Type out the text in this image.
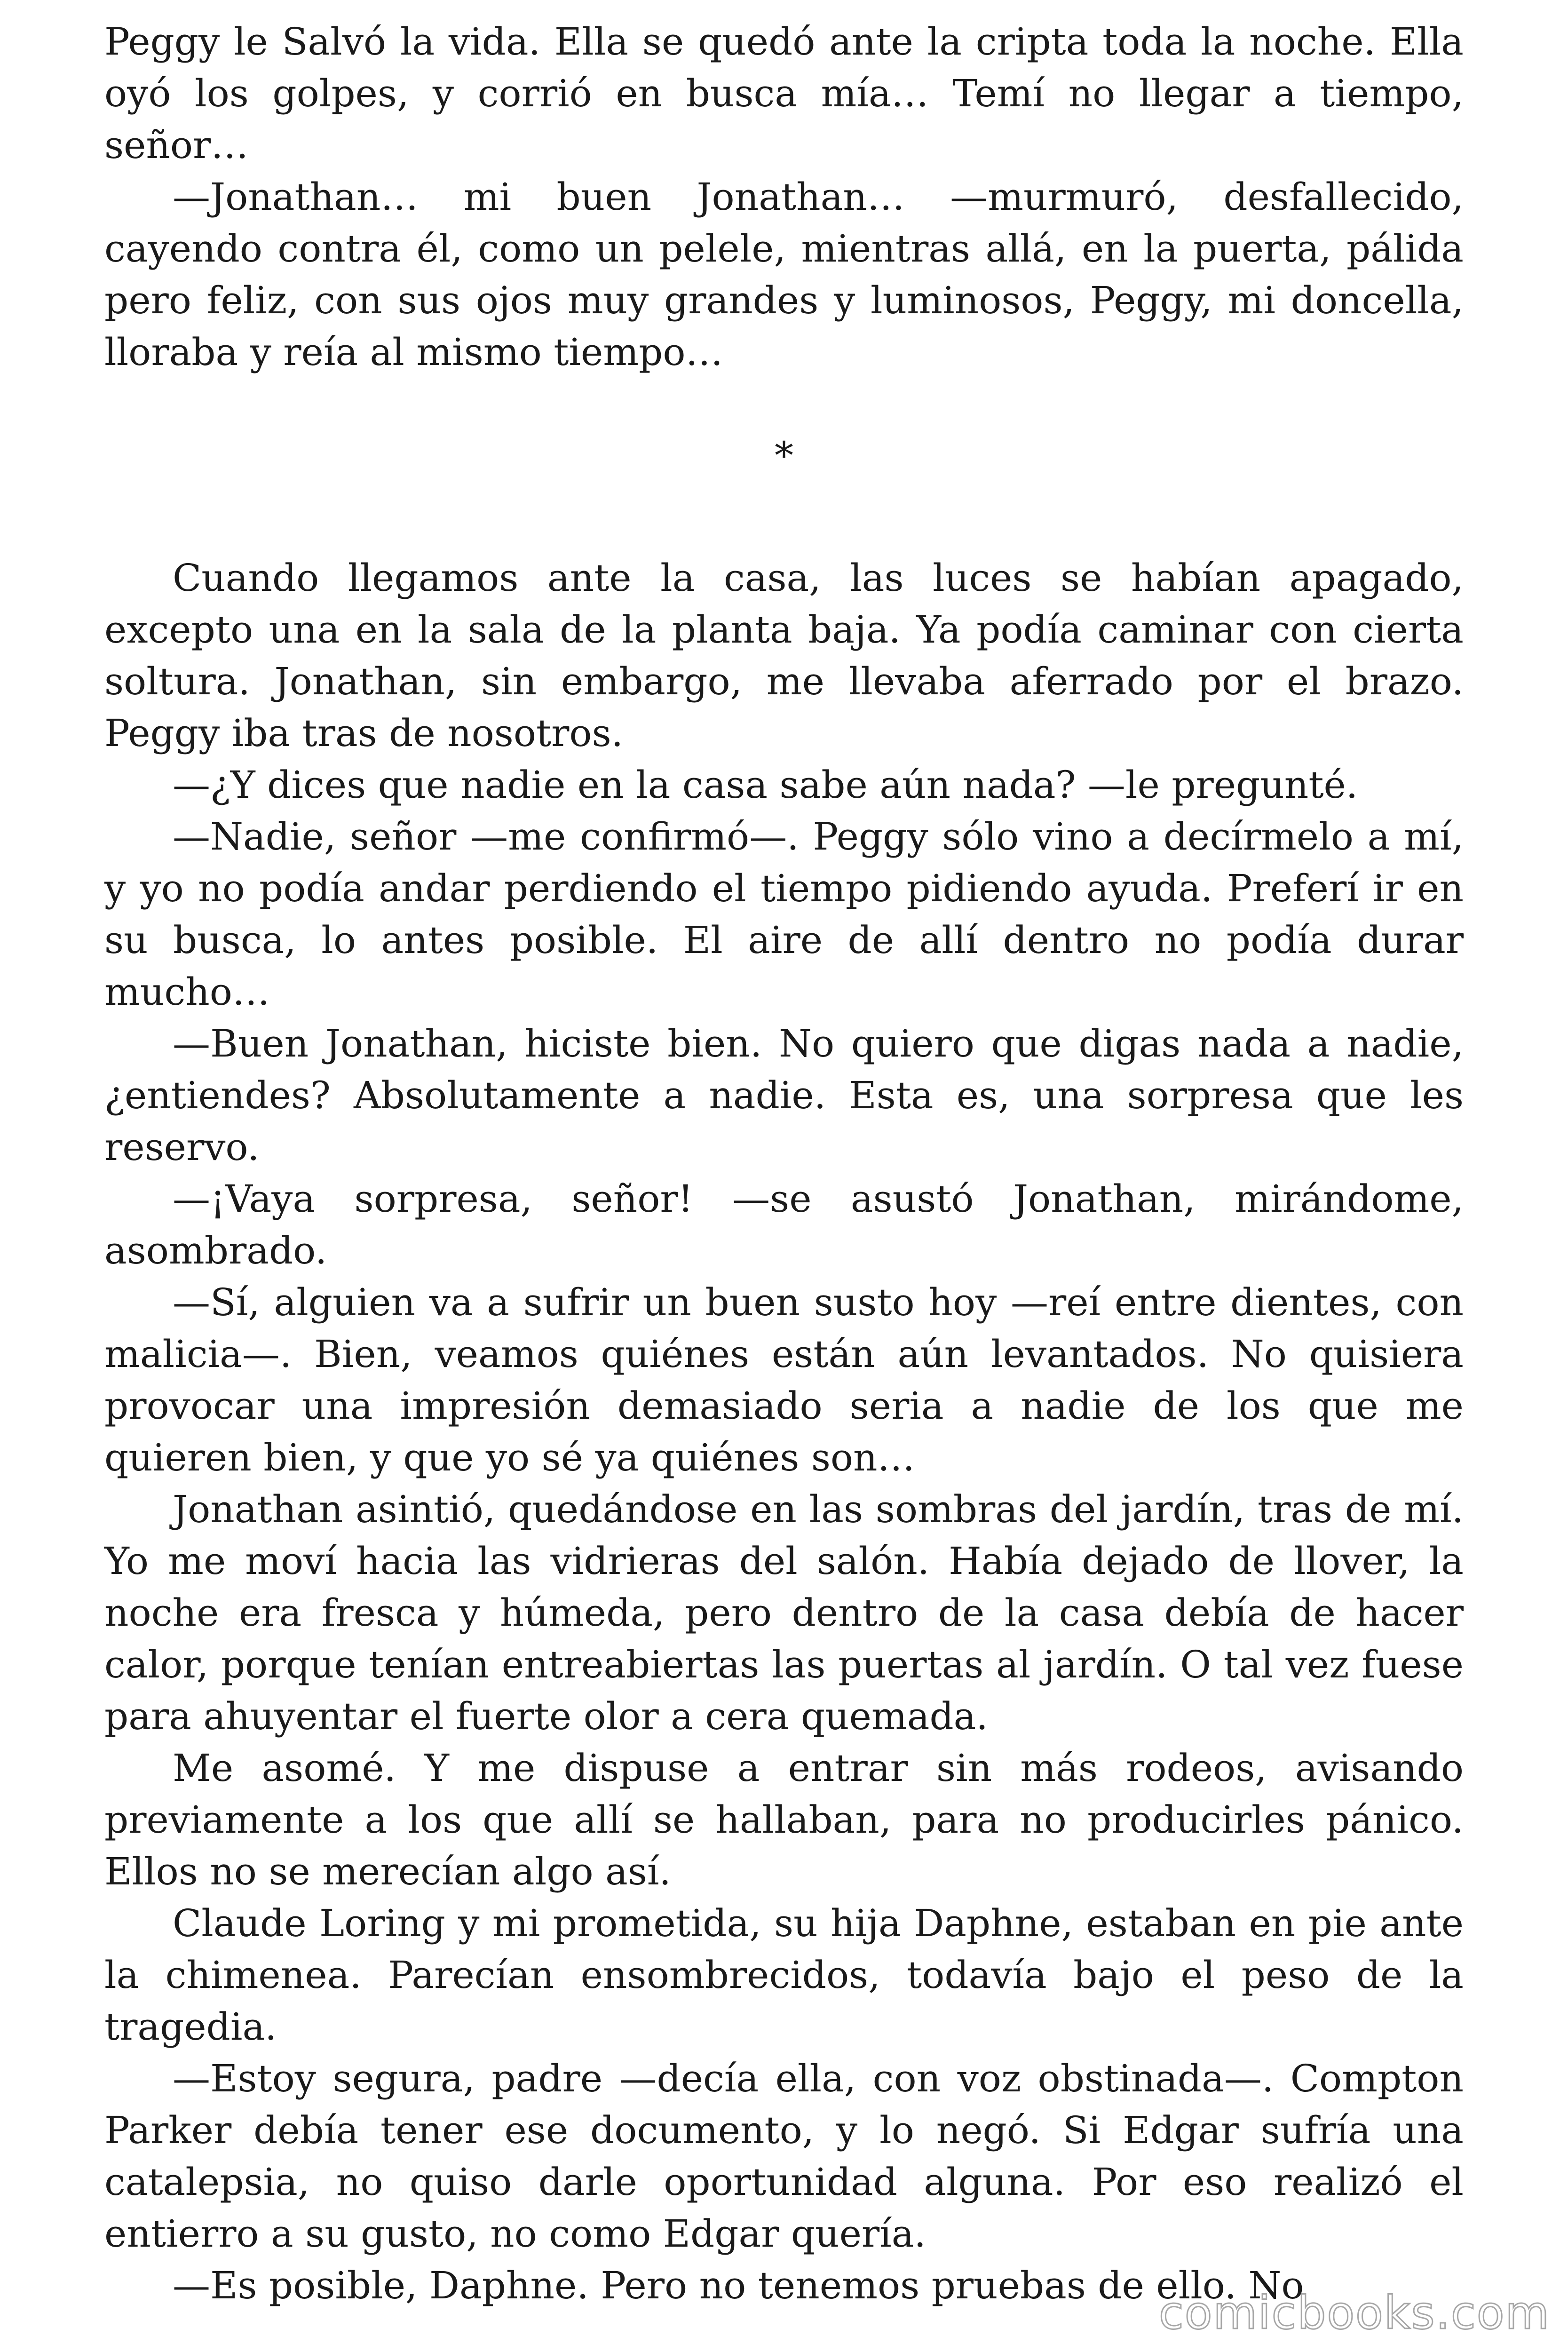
Peggy le Salvó la vida. Ella se quedó ante la cripta toda la noche. Ella oyó los golpes, y corrió en busca mía… Temí no llegar a tiempo, señor…

—Jonathan… mi buen Jonathan… —murmuró, desfallecido, cayendo contra él, como un pelele, mientras allá, en la puerta, pálida pero feliz, con sus ojos muy grandes y luminosos, Peggy, mi doncella, lloraba y reía al mismo tiempo…

*

Cuando llegamos ante la casa, las luces se habían apagado, excepto una en la sala de la planta baja. Ya podía caminar con cierta soltura. Jonathan, sin embargo, me llevaba aferrado por el brazo. Peggy iba tras de nosotros.

—¿Y dices que nadie en la casa sabe aún nada? —le pregunté.

—Nadie, señor —me confirmó—. Peggy sólo vino a decírmelo a mí, y yo no podía andar perdiendo el tiempo pidiendo ayuda. Preferí ir en su busca, lo antes posible. El aire de allí dentro no podía durar mucho…

—Buen Jonathan, hiciste bien. No quiero que digas nada a nadie, ¿entiendes? Absolutamente a nadie. Esta es, una sorpresa que les reservo.

—¡Vaya sorpresa, señor! —se asustó Jonathan, mirándome, asombrado.

—Sí, alguien va a sufrir un buen susto hoy —reí entre dientes, con malicia—. Bien, veamos quiénes están aún levantados. No quisiera provocar una impresión demasiado seria a nadie de los que me quieren bien, y que yo sé ya quiénes son…

Jonathan asintió, quedándose en las sombras del jardín, tras de mí. Yo me moví hacia las vidrieras del salón. Había dejado de llover, la noche era fresca y húmeda, pero dentro de la casa debía de hacer calor, porque tenían entreabiertas las puertas al jardín. O tal vez fuese para ahuyentar el fuerte olor a cera quemada.

Me asomé. Y me dispuse a entrar sin más rodeos, avisando previamente a los que allí se hallaban, para no producirles pánico. Ellos no se merecían algo así.

Claude Loring y mi prometida, su hija Daphne, estaban en pie ante la chimenea. Parecían ensombrecidos, todavía bajo el peso de la tragedia.

—Estoy segura, padre —decía ella, con voz obstinada—. Compton Parker debía tener ese documento, y lo negó. Si Edgar sufría una catalepsia, no quiso darle oportunidad alguna. Por eso realizó el entierro a su gusto, no como Edgar quería.

—Es posible, Daphne. Pero no tenemos pruebas de ello. No

comicbooks.com
